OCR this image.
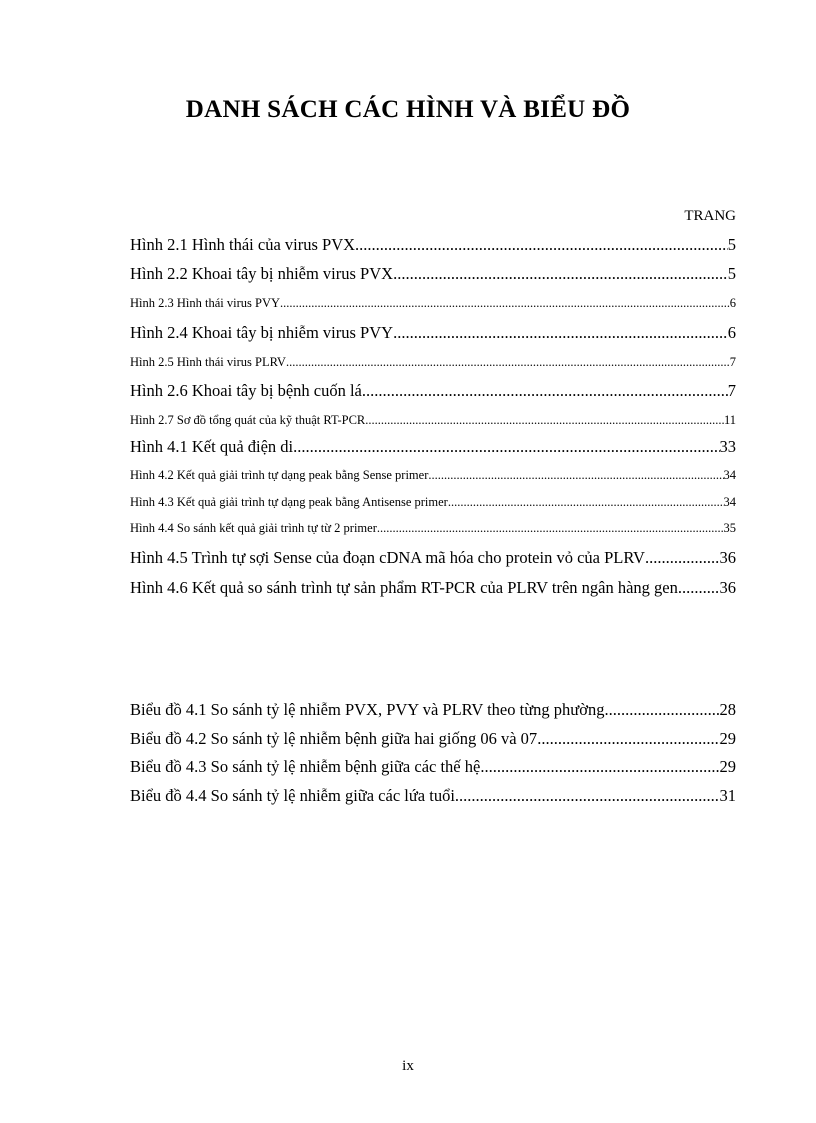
DANH SÁCH CÁC HÌNH VÀ BIỂU ĐỒ
TRANG
Hình 2.1 Hình thái của virus PVX .....	5
Hình 2.2 Khoai tây bị nhiễm virus PVX .....	5
Hình 2.3 Hình thái virus PVY .....	6
Hình 2.4 Khoai tây bị nhiễm virus PVY .....	6
Hình 2.5 Hình thái virus PLRV .....	7
Hình 2.6 Khoai tây bị bệnh cuốn lá .....	7
Hình 2.7 Sơ đồ tổng quát của kỹ thuật RT-PCR .....	11
Hình 4.1 Kết quả điện di .....	33
Hình 4.2 Kết quả giải trình tự dạng peak bằng Sense primer .....	34
Hình 4.3 Kết quả giải trình tự dạng peak bằng Antisense primer .....	34
Hình 4.4 So sánh kết quả giải trình tự từ 2 primer .....	35
Hình 4.5 Trình tự sợi Sense của đoạn cDNA mã hóa cho protein vỏ của PLRV .....	36
Hình 4.6 Kết quả so sánh trình tự sản phẩm RT-PCR của PLRV trên ngân hàng gen .....	36
Biểu đồ 4.1 So sánh tỷ lệ nhiễm PVX, PVY và PLRV theo từng phường .....	28
Biểu đồ 4.2 So sánh tỷ lệ nhiễm bệnh giữa hai giống 06 và 07 .....	29
Biểu đồ 4.3 So sánh tỷ lệ nhiễm bệnh giữa các thế hệ .....	29
Biểu đồ 4.4 So sánh tỷ lệ nhiễm giữa các lứa tuổi .....	31
ix
